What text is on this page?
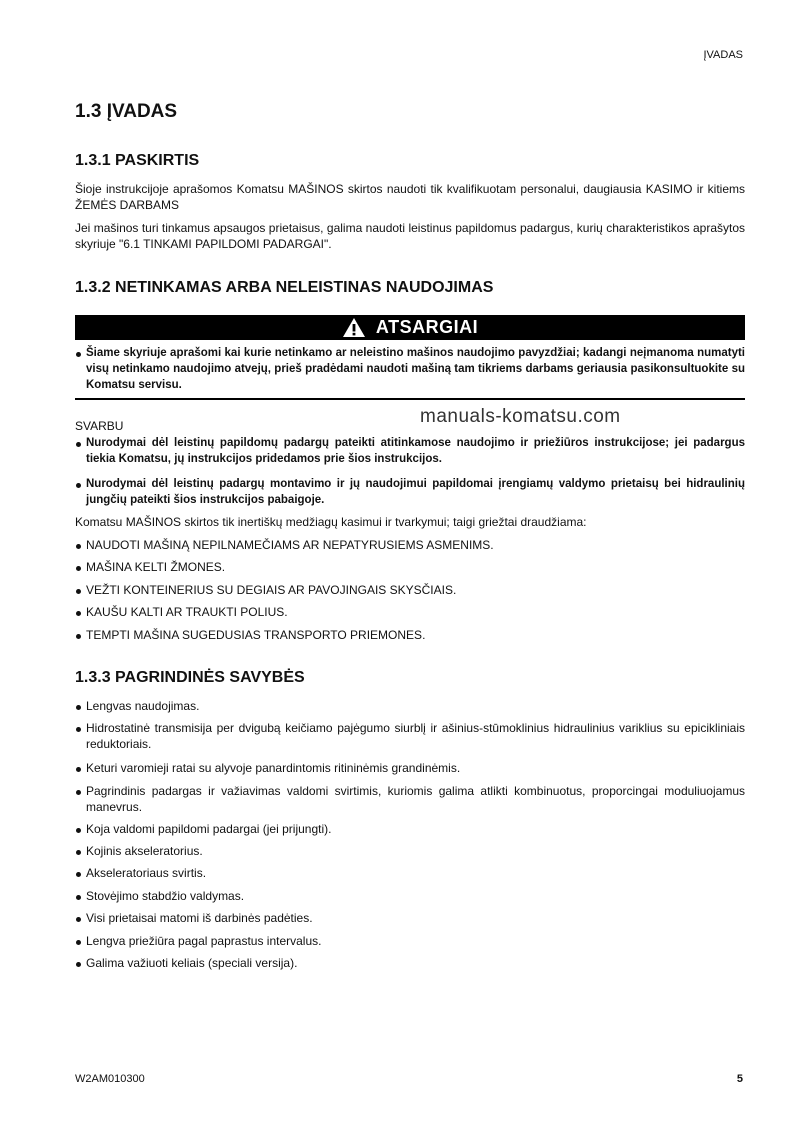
ĮVADAS
1.3 ĮVADAS
1.3.1 PASKIRTIS
Šioje instrukcijoje aprašomos Komatsu MAŠINOS skirtos naudoti tik kvalifikuotam personalui, daugiausia KASIMO ir kitiems ŽEMĖS DARBAMS
Jei mašinos turi tinkamus apsaugos prietaisus, galima naudoti leistinus papildomus padargus, kurių charakteristikos aprašytos skyriuje "6.1 TINKAMI PAPILDOMI PADARGAI".
1.3.2 NETINKAMAS ARBA NELEISTINAS NAUDOJIMAS
ATSARGIAI
Šiame skyriuje aprašomi kai kurie netinkamo ar neleistino mašinos naudojimo pavyzdžiai; kadangi neįmanoma numatyti visų netinkamo naudojimo atvejų, prieš pradėdami naudoti mašiną tam tikriems darbams geriausia pasikonsultuokite su Komatsu servisu.
manuals-komatsu.com
SVARBU
Nurodymai dėl leistinų papildomų padargų pateikti atitinkamose naudojimo ir priežiūros instrukcijose; jei padargus tiekia Komatsu, jų instrukcijos pridedamos prie šios instrukcijos.
Nurodymai dėl leistinų padargų montavimo ir jų naudojimui papildomai įrengiamų valdymo prietaisų bei hidraulinių jungčių pateikti šios instrukcijos pabaigoje.
Komatsu MAŠINOS skirtos tik inertiškų medžiagų kasimui ir tvarkymui; taigi griežtai draudžiama:
NAUDOTI MAŠINĄ NEPILNAMEČIAMS AR NEPATYRUSIEMS ASMENIMS.
MAŠINA KELTI ŽMONES.
VEŽTI KONTEINERIUS SU DEGIAIS AR PAVOJINGAIS SKYSČIAIS.
KAUŠU KALTI AR TRAUKTI POLIUS.
TEMPTI MAŠINA SUGEDUSIAS TRANSPORTO PRIEMONES.
1.3.3 PAGRINDINĖS SAVYBĖS
Lengvas naudojimas.
Hidrostatinė transmisija per dvigubą keičiamo pajėgumo siurblį ir ašinius-stūmoklinius hidraulinius variklius su epicikliniais reduktoriais.
Keturi varomieji ratai su alyvoje panardintomis ritininėmis grandinėmis.
Pagrindinis padargas ir važiavimas valdomi svirtimis, kuriomis galima atlikti kombinuotus, proporcingai moduliuojamus manevrus.
Koja valdomi papildomi padargai (jei prijungti).
Kojinis akseleratorius.
Akseleratoriaus svirtis.
Stovėjimo stabdžio valdymas.
Visi prietaisai matomi iš darbinės padėties.
Lengva priežiūra pagal paprastus intervalus.
Galima važiuoti keliais (speciali versija).
W2AM010300	5
